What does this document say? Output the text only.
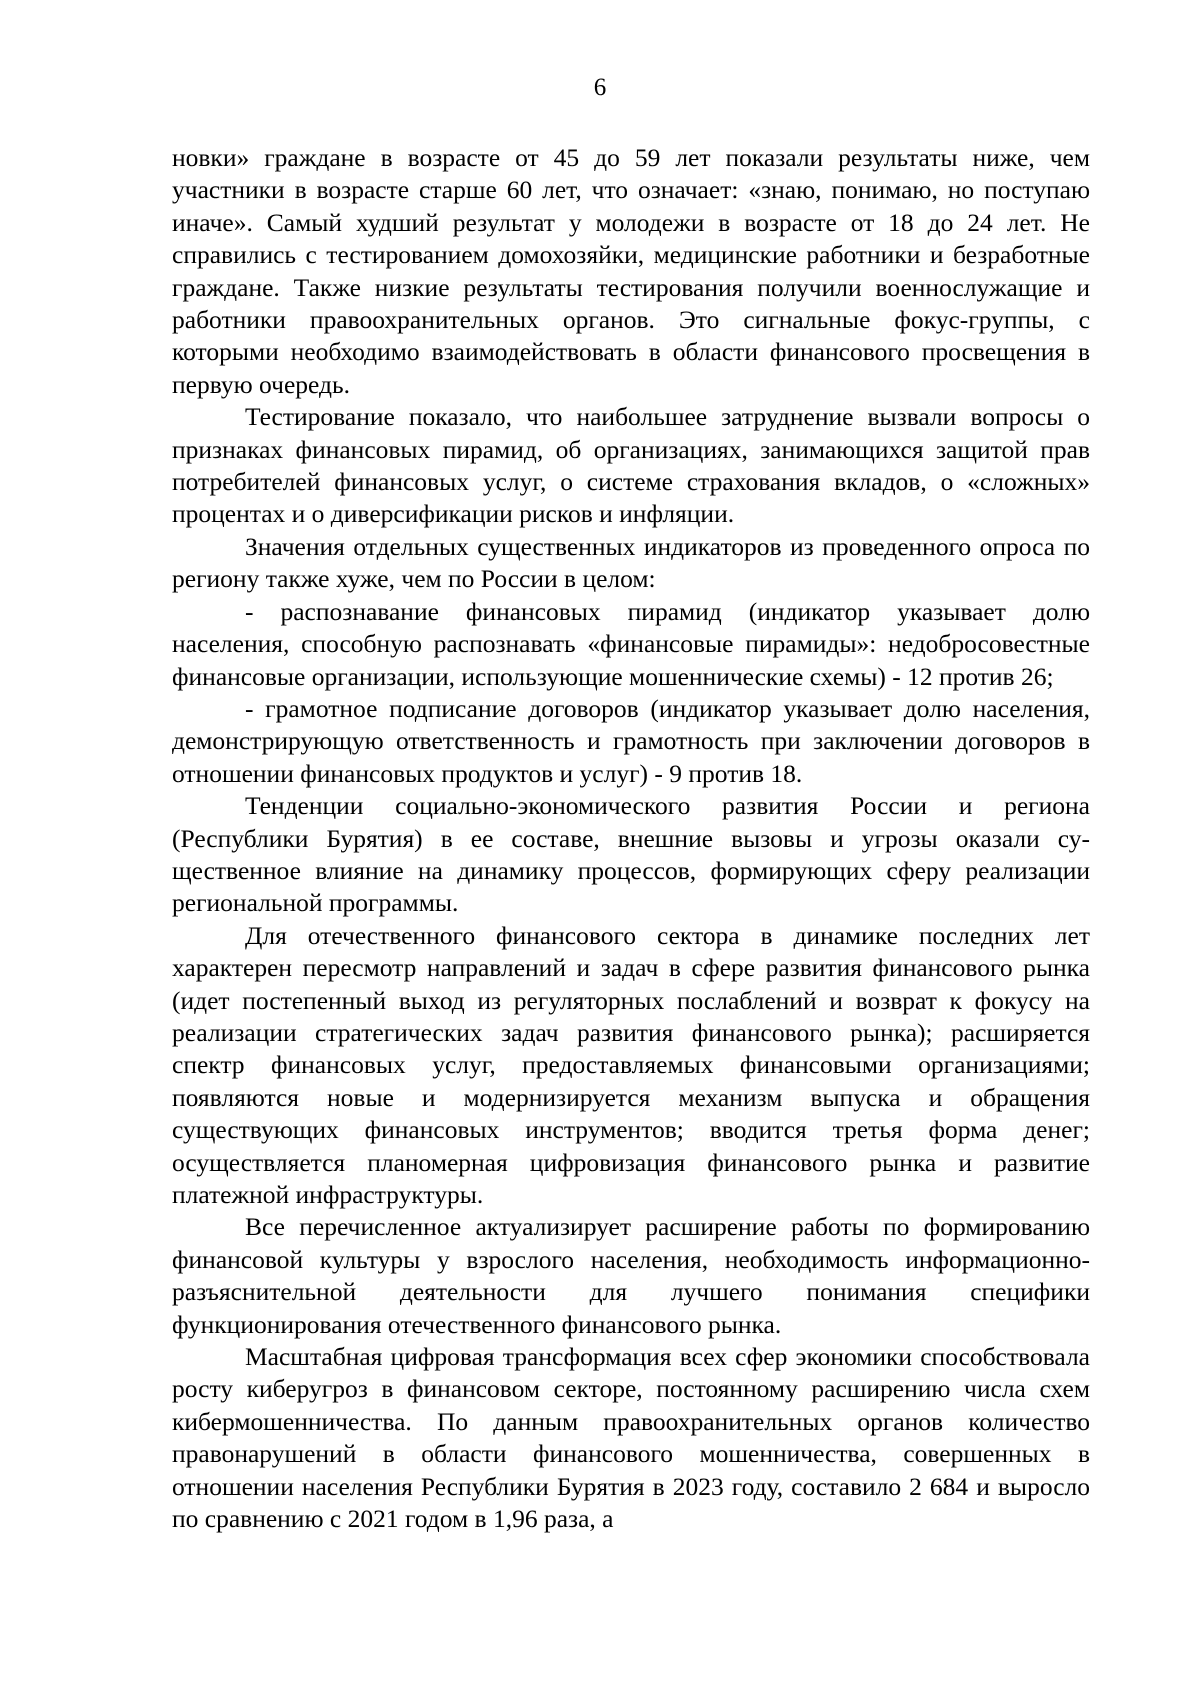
6

новки» граждане в возрасте от 45 до 59 лет показали результаты ниже, чем участники в возрасте старше 60 лет, что означает: «знаю, понимаю, но поступаю иначе». Самый худший результат у молодежи в возрасте от 18 до 24 лет. Не справились с тестированием домохозяйки, медицинские работники и безработные граждане. Также низкие результаты тестирования получили военнослужащие и работники правоохранительных органов. Это сигнальные фокус-группы, с которыми необходимо взаимодействовать в области финансового просвещения в первую очередь.

Тестирование показало, что наибольшее затруднение вызвали вопросы о признаках финансовых пирамид, об организациях, занимающихся защитой прав потребителей финансовых услуг, о системе страхования вкладов, о «сложных» процентах и о диверсификации рисков и инфляции.

Значения отдельных существенных индикаторов из проведенного опроса по региону также хуже, чем по России в целом:

- распознавание финансовых пирамид (индикатор указывает долю населения, способную распознавать «финансовые пирамиды»: недобросовестные финансовые организации, использующие мошеннические схемы) - 12 против 26;

- грамотное подписание договоров (индикатор указывает долю населения, демонстрирующую ответственность и грамотность при заключении договоров в отношении финансовых продуктов и услуг) - 9 против 18.

Тенденции социально-экономического развития России и региона (Республики Бурятия) в ее составе, внешние вызовы и угрозы оказали существенное влияние на динамику процессов, формирующих сферу реализации региональной программы.

Для отечественного финансового сектора в динамике последних лет характерен пересмотр направлений и задач в сфере развития финансового рынка (идет постепенный выход из регуляторных послаблений и возврат к фокусу на реализации стратегических задач развития финансового рынка); расширяется спектр финансовых услуг, предоставляемых финансовыми организациями; появляются новые и модернизируется механизм выпуска и обращения существующих финансовых инструментов; вводится третья форма денег; осуществляется планомерная цифровизация финансового рынка и развитие платежной инфраструктуры.

Все перечисленное актуализирует расширение работы по формированию финансовой культуры у взрослого населения, необходимость информационно-разъяснительной деятельности для лучшего понимания специфики функционирования отечественного финансового рынка.

Масштабная цифровая трансформация всех сфер экономики способствовала росту киберугроз в финансовом секторе, постоянному расширению числа схем кибермошенничества. По данным правоохранительных органов количество правонарушений в области финансового мошенничества, совершенных в отношении населения Республики Бурятия в 2023 году, составило 2 684 и выросло по сравнению с 2021 годом в 1,96 раза, а
